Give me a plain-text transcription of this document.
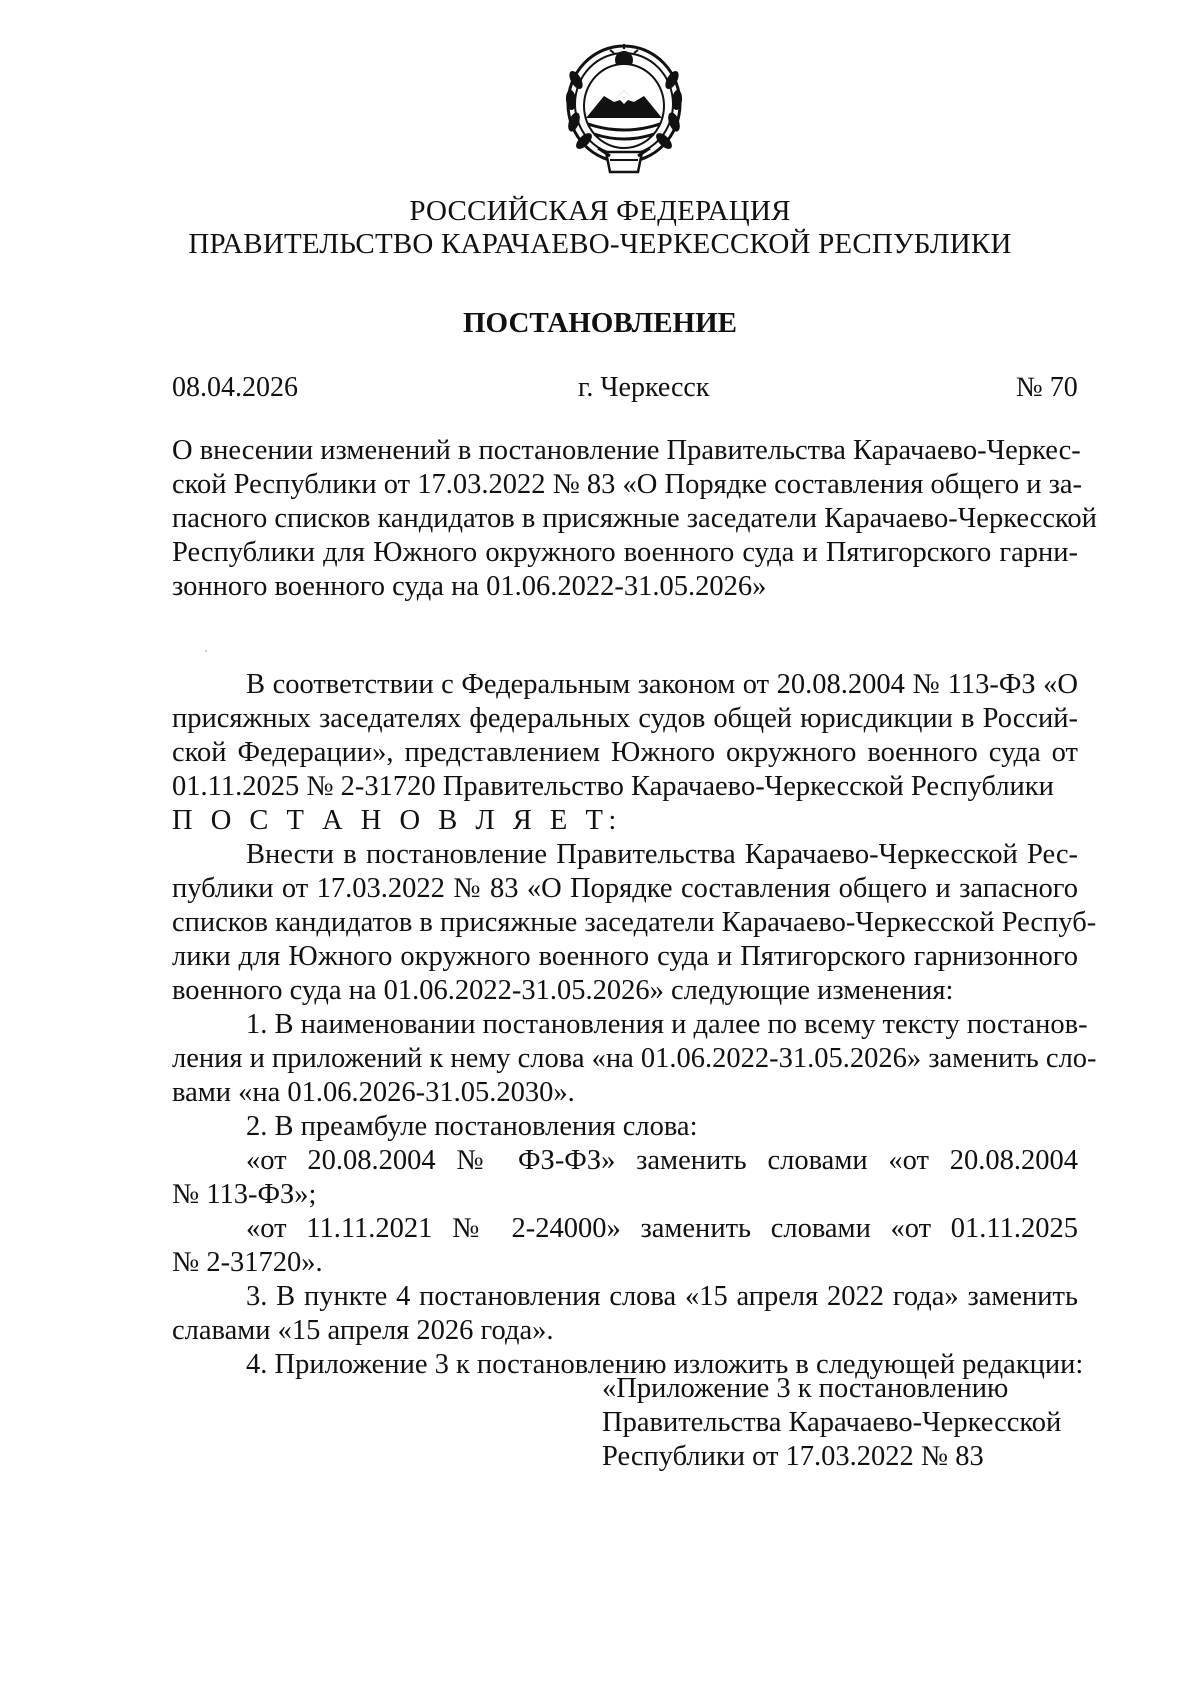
РОССИЙСКАЯ ФЕДЕРАЦИЯ
ПРАВИТЕЛЬСТВО КАРАЧАЕВО-ЧЕРКЕССКОЙ РЕСПУБЛИКИ
ПОСТАНОВЛЕНИЕ
08.04.2026	г. Черкесск	№ 70
О внесении изменений в постановление Правительства Карачаево-Черкес-
ской Республики от 17.03.2022 № 83 «О Порядке составления общего и за-
пасного списков кандидатов в присяжные заседатели Карачаево-Черкесской
Республики для Южного окружного военного суда и Пятигорского гарни-
зонного военного суда на 01.06.2022-31.05.2026»
В соответствии с Федеральным законом от 20.08.2004 № 113-ФЗ «О
присяжных заседателях федеральных судов общей юрисдикции в Россий-
ской Федерации», представлением Южного окружного военного суда от
01.11.2025 № 2-31720 Правительство Карачаево-Черкесской Республики
П О С Т А Н О В Л Я Е Т:
Внести в постановление Правительства Карачаево-Черкесской Рес-
публики от 17.03.2022 № 83 «О Порядке составления общего и запасного
списков кандидатов в присяжные заседатели Карачаево-Черкесской Респуб-
лики для Южного окружного военного суда и Пятигорского гарнизонного
военного суда на 01.06.2022-31.05.2026» следующие изменения:
1. В наименовании постановления и далее по всему тексту постанов-
ления и приложений к нему слова «на 01.06.2022-31.05.2026» заменить сло-
вами «на 01.06.2026-31.05.2030».
2. В преамбуле постановления слова:
«от 20.08.2004 № ФЗ-ФЗ» заменить словами «от 20.08.2004
№ 113-ФЗ»;
«от 11.11.2021 № 2-24000» заменить словами «от 01.11.2025
№ 2-31720».
3. В пункте 4 постановления слова «15 апреля 2022 года» заменить
славами «15 апреля 2026 года».
4. Приложение 3 к постановлению изложить в следующей редакции:
«Приложение 3 к постановлению
Правительства Карачаево-Черкесской
Республики от 17.03.2022 № 83
